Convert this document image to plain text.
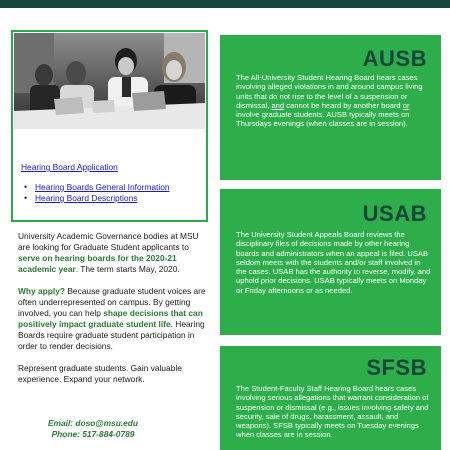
Hearing Board Application
• Hearing Boards General Information
• Hearing Board Descriptions

University Academic Governance bodies at MSU are looking for Graduate Student applicants to serve on hearing boards for the 2020-21 academic year. The term starts May, 2020.

Why apply? Because graduate student voices are often underrepresented on campus. By getting involved, you can help shape decisions that can positively impact graduate student life. Hearing Boards require graduate student participation in order to render decisions.

Represent graduate students. Gain valuable experience. Expand your network.

Email: doso@msu.edu
Phone: 517-884-0789
AUSB
The All-University Student Hearing Board hears cases involving alleged violations in and around campus living units that do not rise to the level of a suspension or dismissal, and cannot be heard by another board or involve graduate students. AUSB typically meets on Thursdays evenings (when classes are in session).
USAB
The University Student Appeals Board reviews the disciplinary files of decisions made by other hearing boards and administrators when an appeal is filed. USAB seldom meets with the students and/or staff involved in the cases. USAB has the authority to reverse, modify, and uphold prior decisions. USAB typically meets on Monday or Friday afternoons or as needed.
SFSB
The Student-Faculty Staff Hearing Board hears cases involving serious allegations that warrant consideration of suspension or dismissal (e.g., issues involving safety and security, sale of drugs, harassment, assault, and weapons). SFSB typically meets on Tuesday evenings when classes are in session.
